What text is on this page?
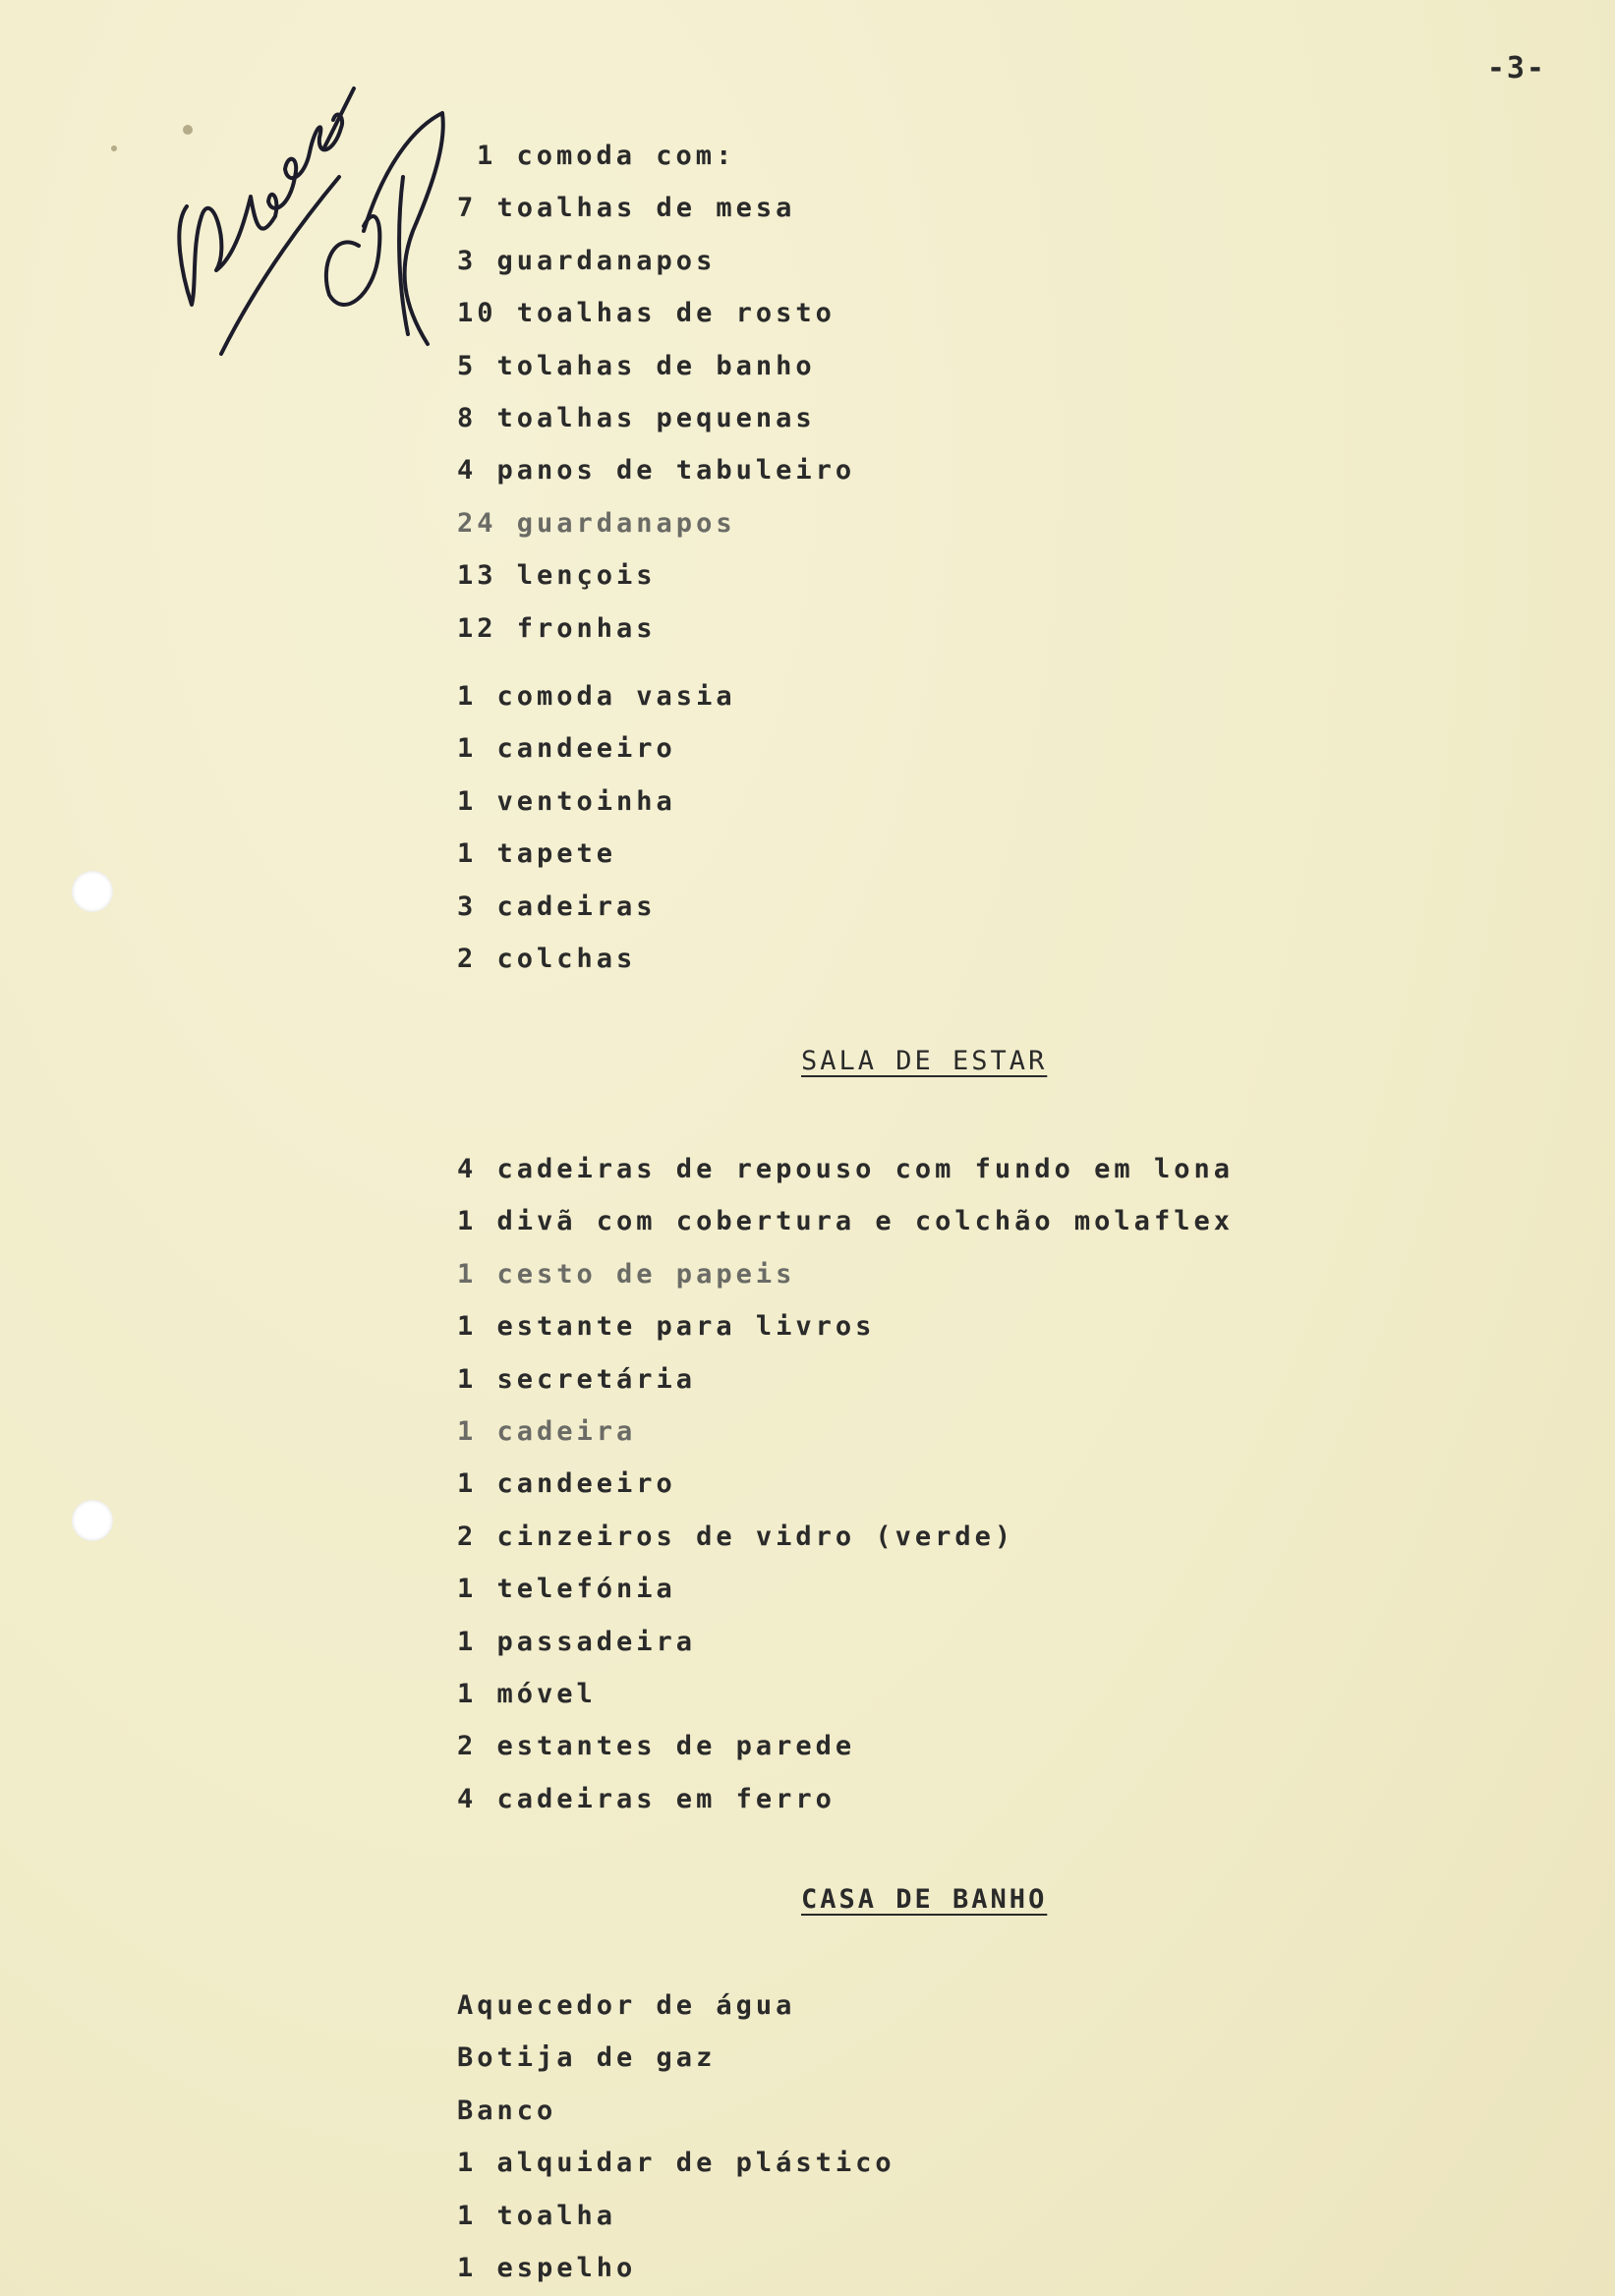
-3-
1 comoda com:
7 toalhas de mesa
3 guardanapos
10 toalhas de rosto
5 tolahas de banho
8 toalhas pequenas
4 panos de tabuleiro
24 guardanapos
13 lençois
12 fronhas
1 comoda vasia
1 candeeiro
1 ventoinha
1 tapete
3 cadeiras
2 colchas
SALA DE ESTAR
4 cadeiras de repouso com fundo em lona
1 divã com cobertura e colchão molaflex
1 cesto de papeis
1 estante para livros
1 secretária
1 cadeira
1 candeeiro
2 cinzeiros de vidro (verde)
1 telefónia
1 passadeira
1 móvel
2 estantes de parede
4 cadeiras em ferro
CASA DE BANHO
Aquecedor de água
Botija de gaz
Banco
1 alquidar de plástico
1 toalha
1 espelho
